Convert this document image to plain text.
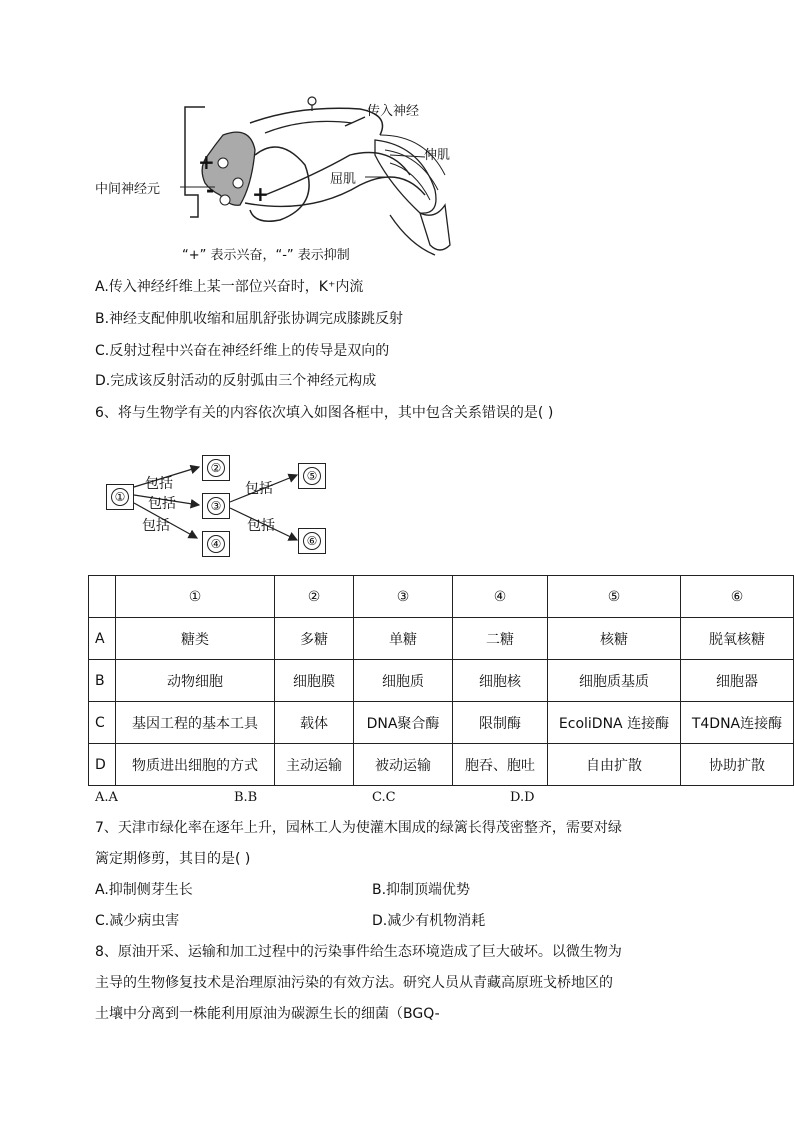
传入神经
伸肌
屈肌
中间神经元
+
- +
“+” 表示兴奋，“-” 表示抑制
A.传入神经纤维上某一部位兴奋时，K⁺内流
B.神经支配伸肌收缩和屈肌舒张协调完成膝跳反射
C.反射过程中兴奋在神经纤维上的传导是双向的
D.完成该反射活动的反射弧由三个神经元构成
6、将与生物学有关的内容依次填入如图各框中，其中包含关系错误的是( )
①
②
③
④
⑤
⑥
包括
包括
包括
包括
包括
	①	②	③	④	⑤	⑥
A	糖类	多糖	单糖	二糖	核糖	脱氧核糖
B	动物细胞	细胞膜	细胞质	细胞核	细胞质基质	细胞器
C	基因工程的基本工具	载体	DNA聚合酶	限制酶	EcoliDNA 连接酶	T4DNA连接酶
D	物质进出细胞的方式	主动运输	被动运输	胞吞、胞吐	自由扩散	协助扩散
A.A	B.B	C.C	D.D
7、天津市绿化率在逐年上升，园林工人为使灌木围成的绿篱长得茂密整齐，需要对绿
篱定期修剪，其目的是( )
A.抑制侧芽生长	B.抑制顶端优势
C.减少病虫害	D.减少有机物消耗
8、原油开采、运输和加工过程中的污染事件给生态环境造成了巨大破坏。以微生物为
主导的生物修复技术是治理原油污染的有效方法。研究人员从青藏高原班戈桥地区的
土壤中分离到一株能利用原油为碳源生长的细菌（BGQ-
